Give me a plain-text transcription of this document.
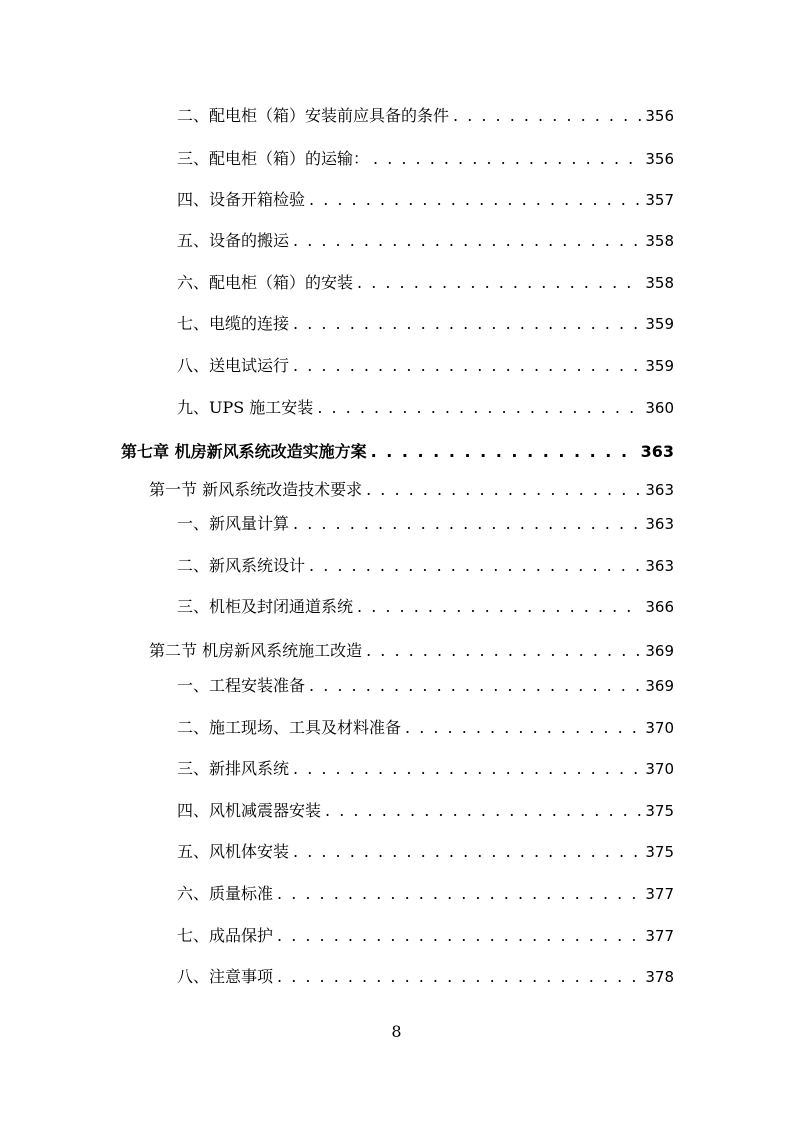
二、配电柜（箱）安装前应具备的条件 . . .	356
三、配电柜（箱）的运输： . . .	356
四、设备开箱检验 . . .	357
五、设备的搬运 . . .	358
六、配电柜（箱）的安装 . . .	358
七、电缆的连接 . . .	359
八、送电试运行 . . .	359
九、UPS 施工安装 . . .	360
第七章 机房新风系统改造实施方案 . . .	363
第一节 新风系统改造技术要求 . . .	363
一、新风量计算 . . .	363
二、新风系统设计 . . .	363
三、机柜及封闭通道系统 . . .	366
第二节 机房新风系统施工改造 . . .	369
一、工程安装准备 . . .	369
二、施工现场、工具及材料准备 . . .	370
三、新排风系统 . . .	370
四、风机减震器安装 . . .	375
五、风机体安装 . . .	375
六、质量标准 . . .	377
七、成品保护 . . .	377
八、注意事项 . . .	378
8
